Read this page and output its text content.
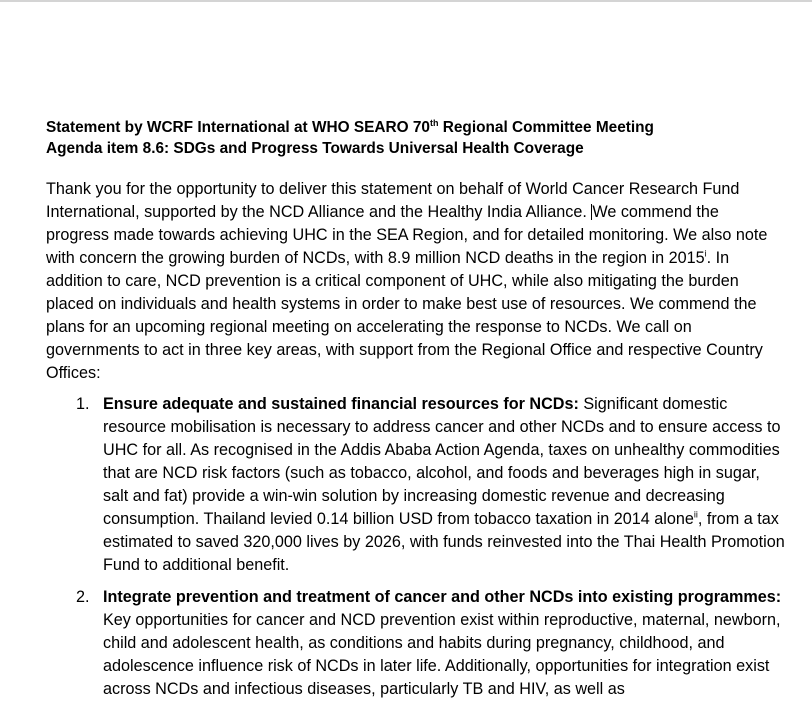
Statement by WCRF International at WHO SEARO 70th Regional Committee Meeting
Agenda item 8.6: SDGs and Progress Towards Universal Health Coverage

Thank you for the opportunity to deliver this statement on behalf of World Cancer Research Fund International, supported by the NCD Alliance and the Healthy India Alliance. We commend the progress made towards achieving UHC in the SEA Region, and for detailed monitoring. We also note with concern the growing burden of NCDs, with 8.9 million NCD deaths in the region in 2015$^i$. In addition to care, NCD prevention is a critical component of UHC, while also mitigating the burden placed on individuals and health systems in order to make best use of resources. We commend the plans for an upcoming regional meeting on accelerating the response to NCDs. We call on governments to act in three key areas, with support from the Regional Office and respective Country Offices:

1. Ensure adequate and sustained financial resources for NCDs: Significant domestic resource mobilisation is necessary to address cancer and other NCDs and to ensure access to UHC for all. As recognised in the Addis Ababa Action Agenda, taxes on unhealthy commodities that are NCD risk factors (such as tobacco, alcohol, and foods and beverages high in sugar, salt and fat) provide a win-win solution by increasing domestic revenue and decreasing consumption. Thailand levied 0.14 billion USD from tobacco taxation in 2014 alone$^{ii}$, from a tax estimated to saved 320,000 lives by 2026, with funds reinvested into the Thai Health Promotion Fund to additional benefit.
2. Integrate prevention and treatment of cancer and other NCDs into existing programmes: Key opportunities for cancer and NCD prevention exist within reproductive, maternal, newborn, child and adolescent health, as conditions and habits during pregnancy, childhood, and adolescence influence risk of NCDs in later life. Additionally, opportunities for integration exist across NCDs and infectious diseases, particularly TB and HIV, as well as
